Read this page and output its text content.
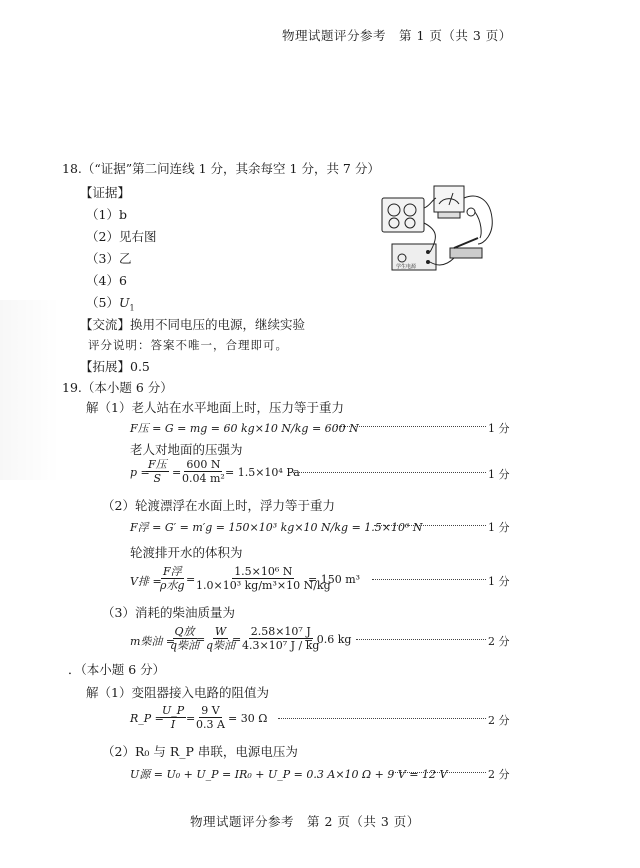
物理试题评分参考　第 1 页（共 3 页）
18.（“证据”第二问连线 1 分，其余每空 1 分，共 7 分）
【证据】
（1）b
（2）见右图
（3）乙
（4）6
$(5)U_1$
【交流】换用不同电压的电源，继续实验
评分说明：答案不唯一，合理即可。
【拓展】0.5
学生电源
19.（本小题 6 分）
解（1）老人站在水平地面上时，压力等于重力
F压 = G = mg = 60 kg×10 N/kg = 600 N	1 分
老人对地面的压强为
p =
F压
S =
$\frac{600 N}{\text{0.04 m²}}$
= 1.5×10⁴ Pa	1 分
（2）轮渡漂浮在水面上时，浮力等于重力
F浮 = G′ = m′g = 150×10³ kg×10 N/kg = 1.5×10⁶ N	1 分
轮渡排开水的体积为
V排 =
F浮
ρ水g =
$\frac{\text{1.5×10⁶ N}}{\text{1.0×10³ kg/m³×10 N/kg}}$
= 150 m³	1 分
（3）消耗的柴油质量为
m柴油 =
Q放
q柴油
=
W
q柴油
=
$\frac{\text{2.58×10⁷ J}}{\text{4.3×10⁷ J / kg}}$
= 0.6 kg	2 分
．（本小题 6 分）
解（1）变阻器接入电路的阻值为
R_P =
$\frac{U\_P}{I}$ =
$\frac{9 V}{0.3 A} = 30$ Ω	2 分
（2）R₀ 与 R_P 串联，电源电压为
U源 = U₀ + U_P = IR₀ + U_P = 0.3 A×10 Ω + 9 V = 12 V	2 分
物理试题评分参考　第 2 页（共 3 页）
